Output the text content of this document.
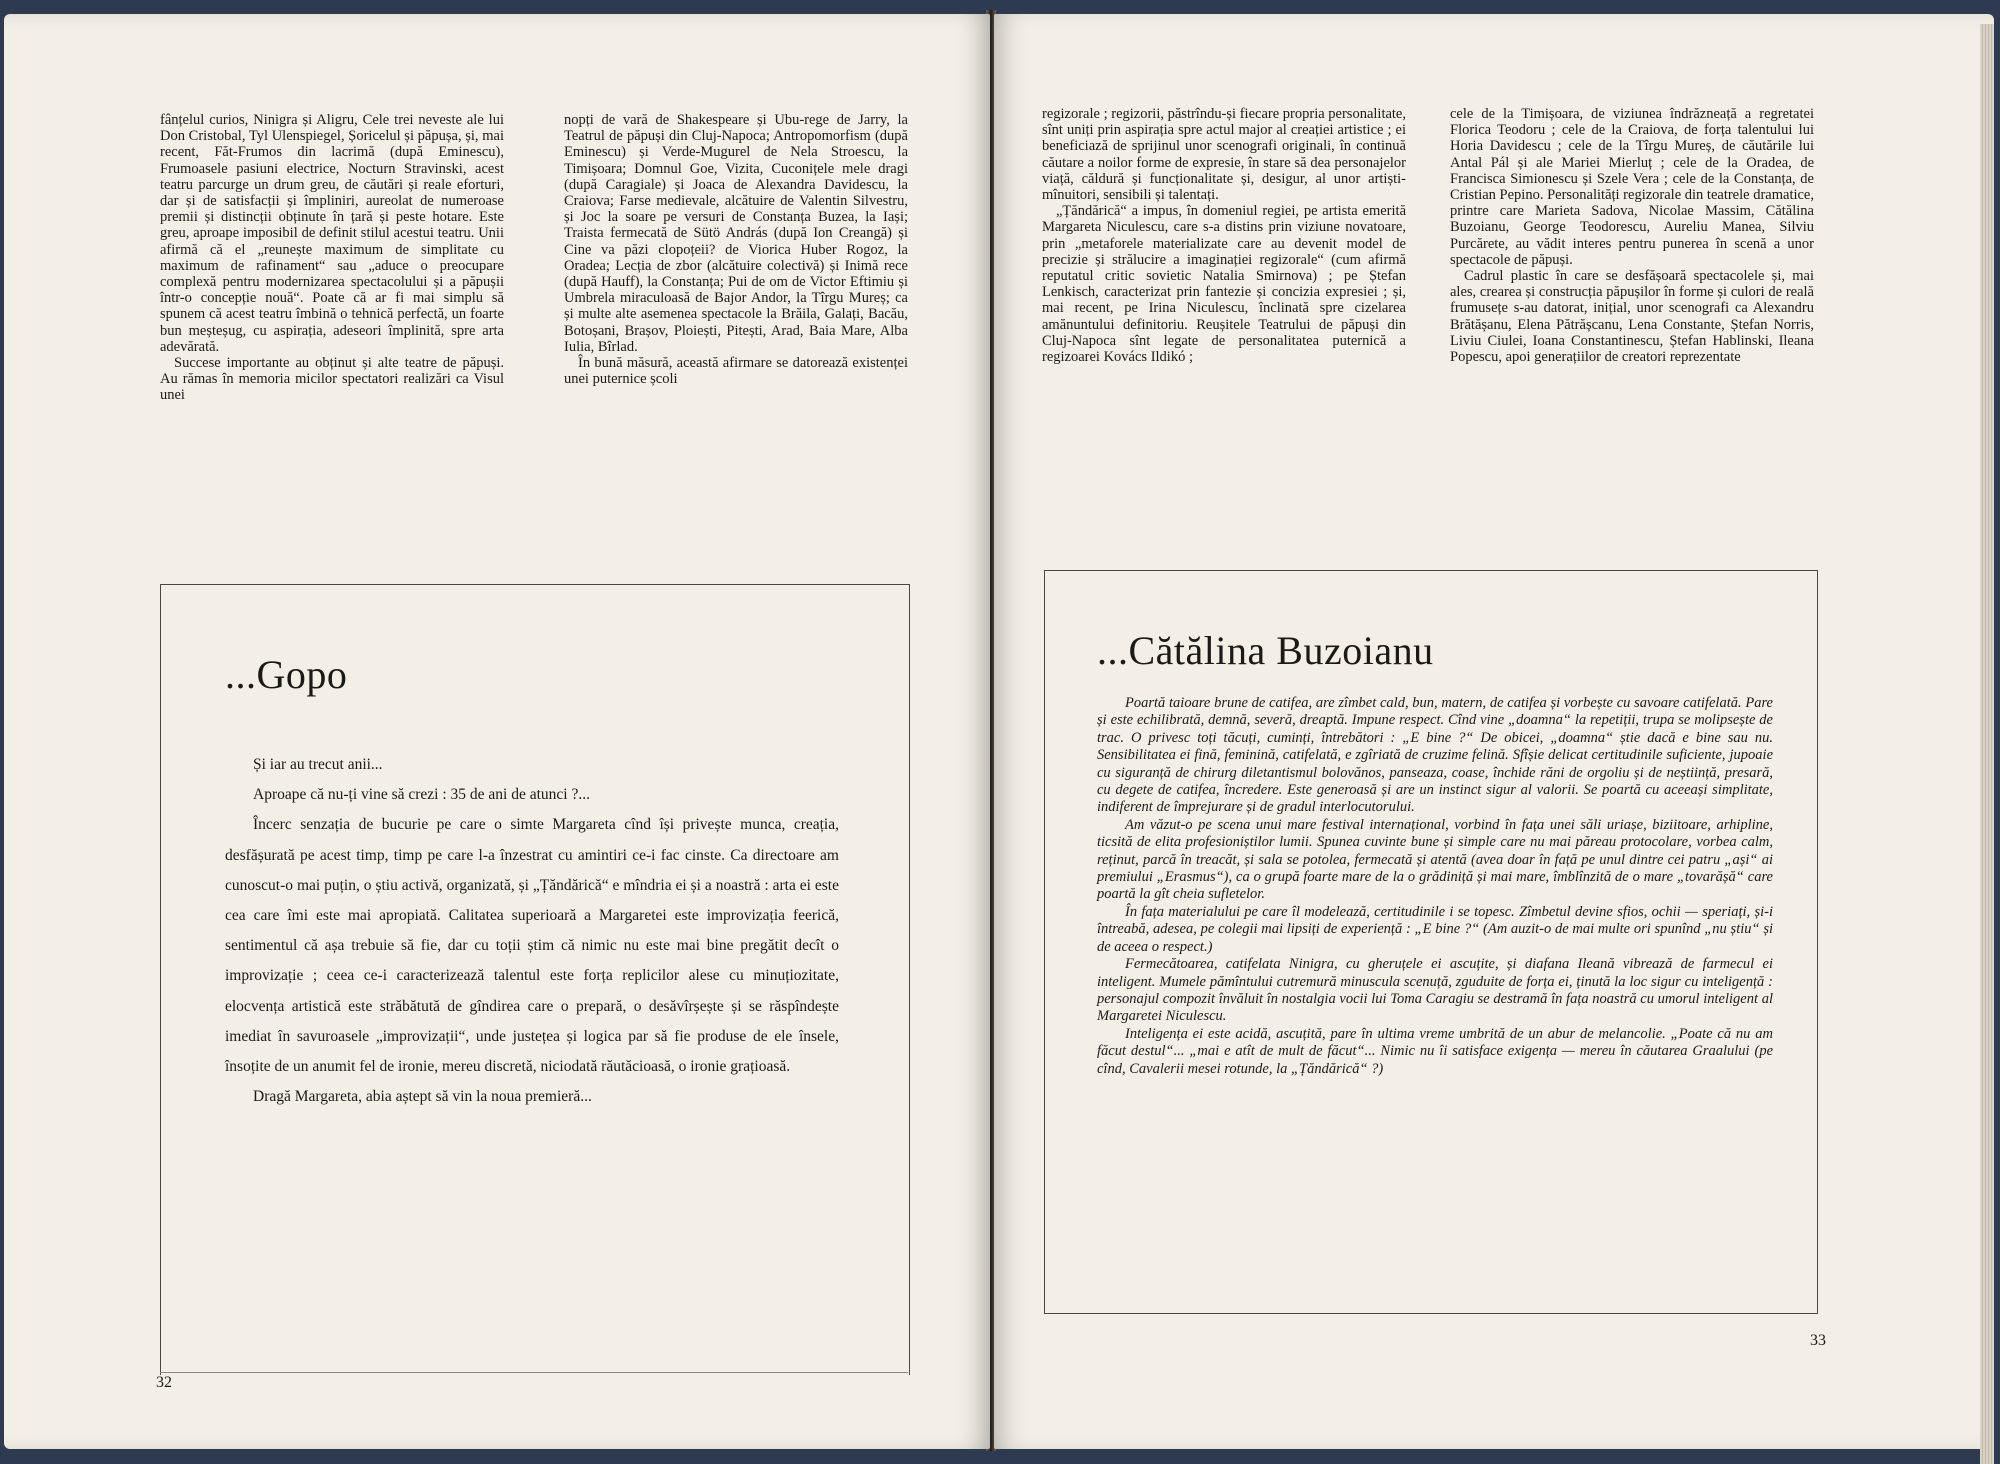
fânțelul curios, Ninigra și Aligru, Cele trei neveste ale lui Don Cristobal, Tyl Ulenspiegel, Șoricelul și păpușa, și, mai recent, Făt-Frumos din lacrimă (după Eminescu), Frumoasele pasiuni electrice, Nocturn Stravinski, acest teatru parcurge un drum greu, de căutări și reale eforturi, dar și de satisfacții și împliniri, aureolat de numeroase premii și distincții obținute în țară și peste hotare. Este greu, aproape imposibil de definit stilul acestui teatru. Unii afirmă că el „reunește maximum de simplitate cu maximum de rafinament“ sau „aduce o preocupare complexă pentru modernizarea spectacolului și a păpușii într-o concepție nouă“. Poate că ar fi mai simplu să spunem că acest teatru îmbină o tehnică perfectă, un foarte bun meșteșug, cu aspirația, adeseori împlinită, spre arta adevărată.

Succese importante au obținut și alte teatre de păpuși. Au rămas în memoria micilor spectatori realizări ca Visul unei

nopți de vară de Shakespeare și Ubu-rege de Jarry, la Teatrul de păpuși din Cluj-Napoca; Antropomorfism (după Eminescu) și Verde-Mugurel de Nela Stroescu, la Timișoara; Domnul Goe, Vizita, Cuconițele mele dragi (după Caragiale) și Joaca de Alexandra Davidescu, la Craiova; Farse medievale, alcătuire de Valentin Silvestru, și Joc la soare pe versuri de Constanța Buzea, la Iași; Traista fermecată de Sütö András (după Ion Creangă) și Cine va păzi clopoțeii? de Viorica Huber Rogoz, la Oradea; Lecția de zbor (alcătuire colectivă) și Inimă rece (după Hauff), la Constanța; Pui de om de Victor Eftimiu și Umbrela miraculoasă de Bajor Andor, la Tîrgu Mureș; ca și multe alte asemenea spectacole la Brăila, Galați, Bacău, Botoșani, Brașov, Ploiești, Pitești, Arad, Baia Mare, Alba Iulia, Bîrlad.

În bună măsură, această afirmare se datorează existenței unei puternice școli

...Gopo

Și iar au trecut anii...

Aproape că nu-ți vine să crezi : 35 de ani de atunci ?...

Încerc senzația de bucurie pe care o simte Margareta cînd își privește munca, creația, desfășurată pe acest timp, timp pe care l-a înzestrat cu amintiri ce-i fac cinste. Ca directoare am cunoscut-o mai puțin, o știu activă, organizată, și „Țăndărică“ e mîndria ei și a noastră : arta ei este cea care îmi este mai apropiată. Calitatea superioară a Margaretei este improvizația feerică, sentimentul că așa trebuie să fie, dar cu toții știm că nimic nu este mai bine pregătit decît o improvizație ; ceea ce-i caracterizează talentul este forța replicilor alese cu minuțiozitate, elocvența artistică este străbătută de gîndirea care o prepară, o desăvîrșește și se răspîndește imediat în savuroasele „improvizații“, unde justețea și logica par să fie produse de ele însele, însoțite de un anumit fel de ironie, mereu discretă, niciodată răutăcioasă, o ironie grațioasă.

Dragă Margareta, abia aștept să vin la noua premieră...

32

regizorale ; regizorii, păstrîndu-și fiecare propria personalitate, sînt uniți prin aspirația spre actul major al creației artistice ; ei beneficiază de sprijinul unor scenografi originali, în continuă căutare a noilor forme de expresie, în stare să dea personajelor viață, căldură și funcționalitate și, desigur, al unor artiști-mînuitori, sensibili și talentați.

„Țăndărică“ a impus, în domeniul regiei, pe artista emerită Margareta Niculescu, care s-a distins prin viziune novatoare, prin „metaforele materializate care au devenit model de precizie și strălucire a imaginației regizorale“ (cum afirmă reputatul critic sovietic Natalia Smirnova) ; pe Ștefan Lenkisch, caracterizat prin fantezie și concizia expresiei ; și, mai recent, pe Irina Niculescu, înclinată spre cizelarea amănuntului definitoriu. Reușitele Teatrului de păpuși din Cluj-Napoca sînt legate de personalitatea puternică a regizoarei Kovács Ildikó ;

cele de la Timișoara, de viziunea îndrăzneață a regretatei Florica Teodoru ; cele de la Craiova, de forța talentului lui Horia Davidescu ; cele de la Tîrgu Mureș, de căutările lui Antal Pál și ale Mariei Mierluț ; cele de la Oradea, de Francisca Simionescu și Szele Vera ; cele de la Constanța, de Cristian Pepino. Personalități regizorale din teatrele dramatice, printre care Marieta Sadova, Nicolae Massim, Cătălina Buzoianu, George Teodorescu, Aureliu Manea, Silviu Purcărete, au vădit interes pentru punerea în scenă a unor spectacole de păpuși.

Cadrul plastic în care se desfășoară spectacolele și, mai ales, crearea și construcția păpușilor în forme și culori de reală frumusețe s-au datorat, inițial, unor scenografi ca Alexandru Brătășanu, Elena Pătrășcanu, Lena Constante, Ștefan Norris, Liviu Ciulei, Ioana Constantinescu, Ștefan Hablinski, Ileana Popescu, apoi generațiilor de creatori reprezentate

...Cătălina Buzoianu

Poartă taioare brune de catifea, are zîmbet cald, bun, matern, de catifea și vorbește cu savoare catifelată. Pare și este echilibrată, demnă, severă, dreaptă. Impune respect. Cînd vine „doamna“ la repetiții, trupa se molipsește de trac. O privesc toți tăcuți, cuminți, întrebători : „E bine ?“ De obicei, „doamna“ știe dacă e bine sau nu. Sensibilitatea ei fină, feminină, catifelată, e zgîriată de cruzime felină. Sfîșie delicat certitudinile suficiente, jupoaie cu siguranță de chirurg diletantismul bolovănos, panseaza, coase, închide răni de orgoliu și de neștiință, presară, cu degete de catifea, încredere. Este generoasă și are un instinct sigur al valorii. Se poartă cu aceeași simplitate, indiferent de împrejurare și de gradul interlocutorului.

Am văzut-o pe scena unui mare festival internațional, vorbind în fața unei săli uriașe, biziitoare, arhipline, ticsită de elita profesioniștilor lumii. Spunea cuvinte bune și simple care nu mai păreau protocolare, vorbea calm, reținut, parcă în treacăt, și sala se potolea, fermecată și atentă (avea doar în față pe unul dintre cei patru „ași“ ai premiului „Erasmus“), ca o grupă foarte mare de la o grădiniță și mai mare, îmblînzită de o mare „tovarășă“ care poartă la gît cheia sufletelor.

În fața materialului pe care îl modelează, certitudinile i se topesc. Zîmbetul devine sfios, ochii — speriați, și-i întreabă, adesea, pe colegii mai lipsiți de experiență : „E bine ?“ (Am auzit-o de mai multe ori spunînd „nu știu“ și de aceea o respect.)

Fermecătoarea, catifelata Ninigra, cu gheruțele ei ascuțite, și diafana Ileană vibrează de farmecul ei inteligent. Mumele pămîntului cutremură minuscula scenuță, zguduite de forța ei, ținută la loc sigur cu inteligență : personajul compozit învăluit în nostalgia vocii lui Toma Caragiu se destramă în fața noastră cu umorul inteligent al Margaretei Niculescu.

Inteligența ei este acidă, ascuțită, pare în ultima vreme umbrită de un abur de melancolie. „Poate că nu am făcut destul“... „mai e atît de mult de făcut“... Nimic nu îi satisface exigența — mereu în căutarea Graalului (pe cînd, Cavalerii mesei rotunde, la „Țăndărică“ ?)

33
